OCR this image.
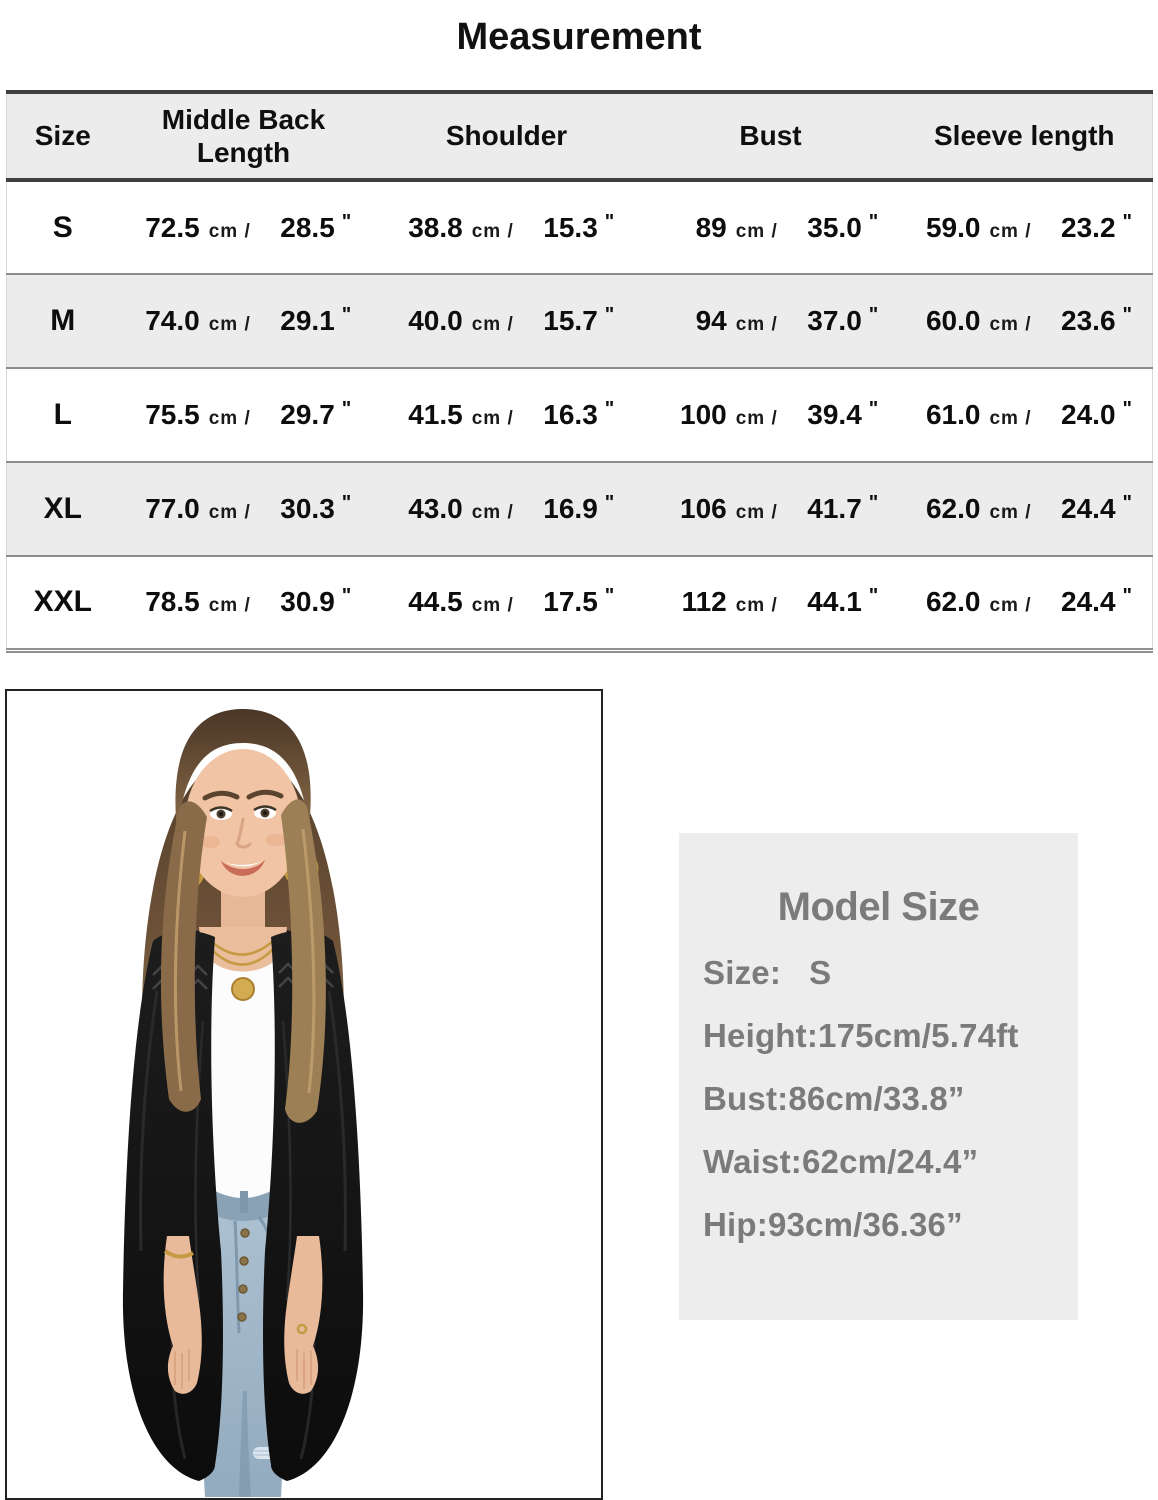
Measurement
Size	Middle Back Length	Shoulder	Bust	Sleeve length
S	72.5 cm / 28.5 "	38.8 cm / 15.3 "	89 cm / 35.0 "	59.0 cm / 23.2 "

M	74.0 cm / 29.1 "	40.0 cm / 15.7 "	94 cm / 37.0 "	60.0 cm / 23.6 "

L	75.5 cm / 29.7 "	41.5 cm / 16.3 "	100 cm / 39.4 "	61.0 cm / 24.0 "

XL	77.0 cm / 30.3 "	43.0 cm / 16.9 "	106 cm / 41.7 "	62.0 cm / 24.4 "

XXL	78.5 cm / 30.9 "	44.5 cm / 17.5 "	112 cm / 44.1 "	62.0 cm / 24.4 "
Model Size
Size:   S
Height:175cm/5.74ft
Bust:86cm/33.8”
Waist:62cm/24.4”
Hip:93cm/36.36”
